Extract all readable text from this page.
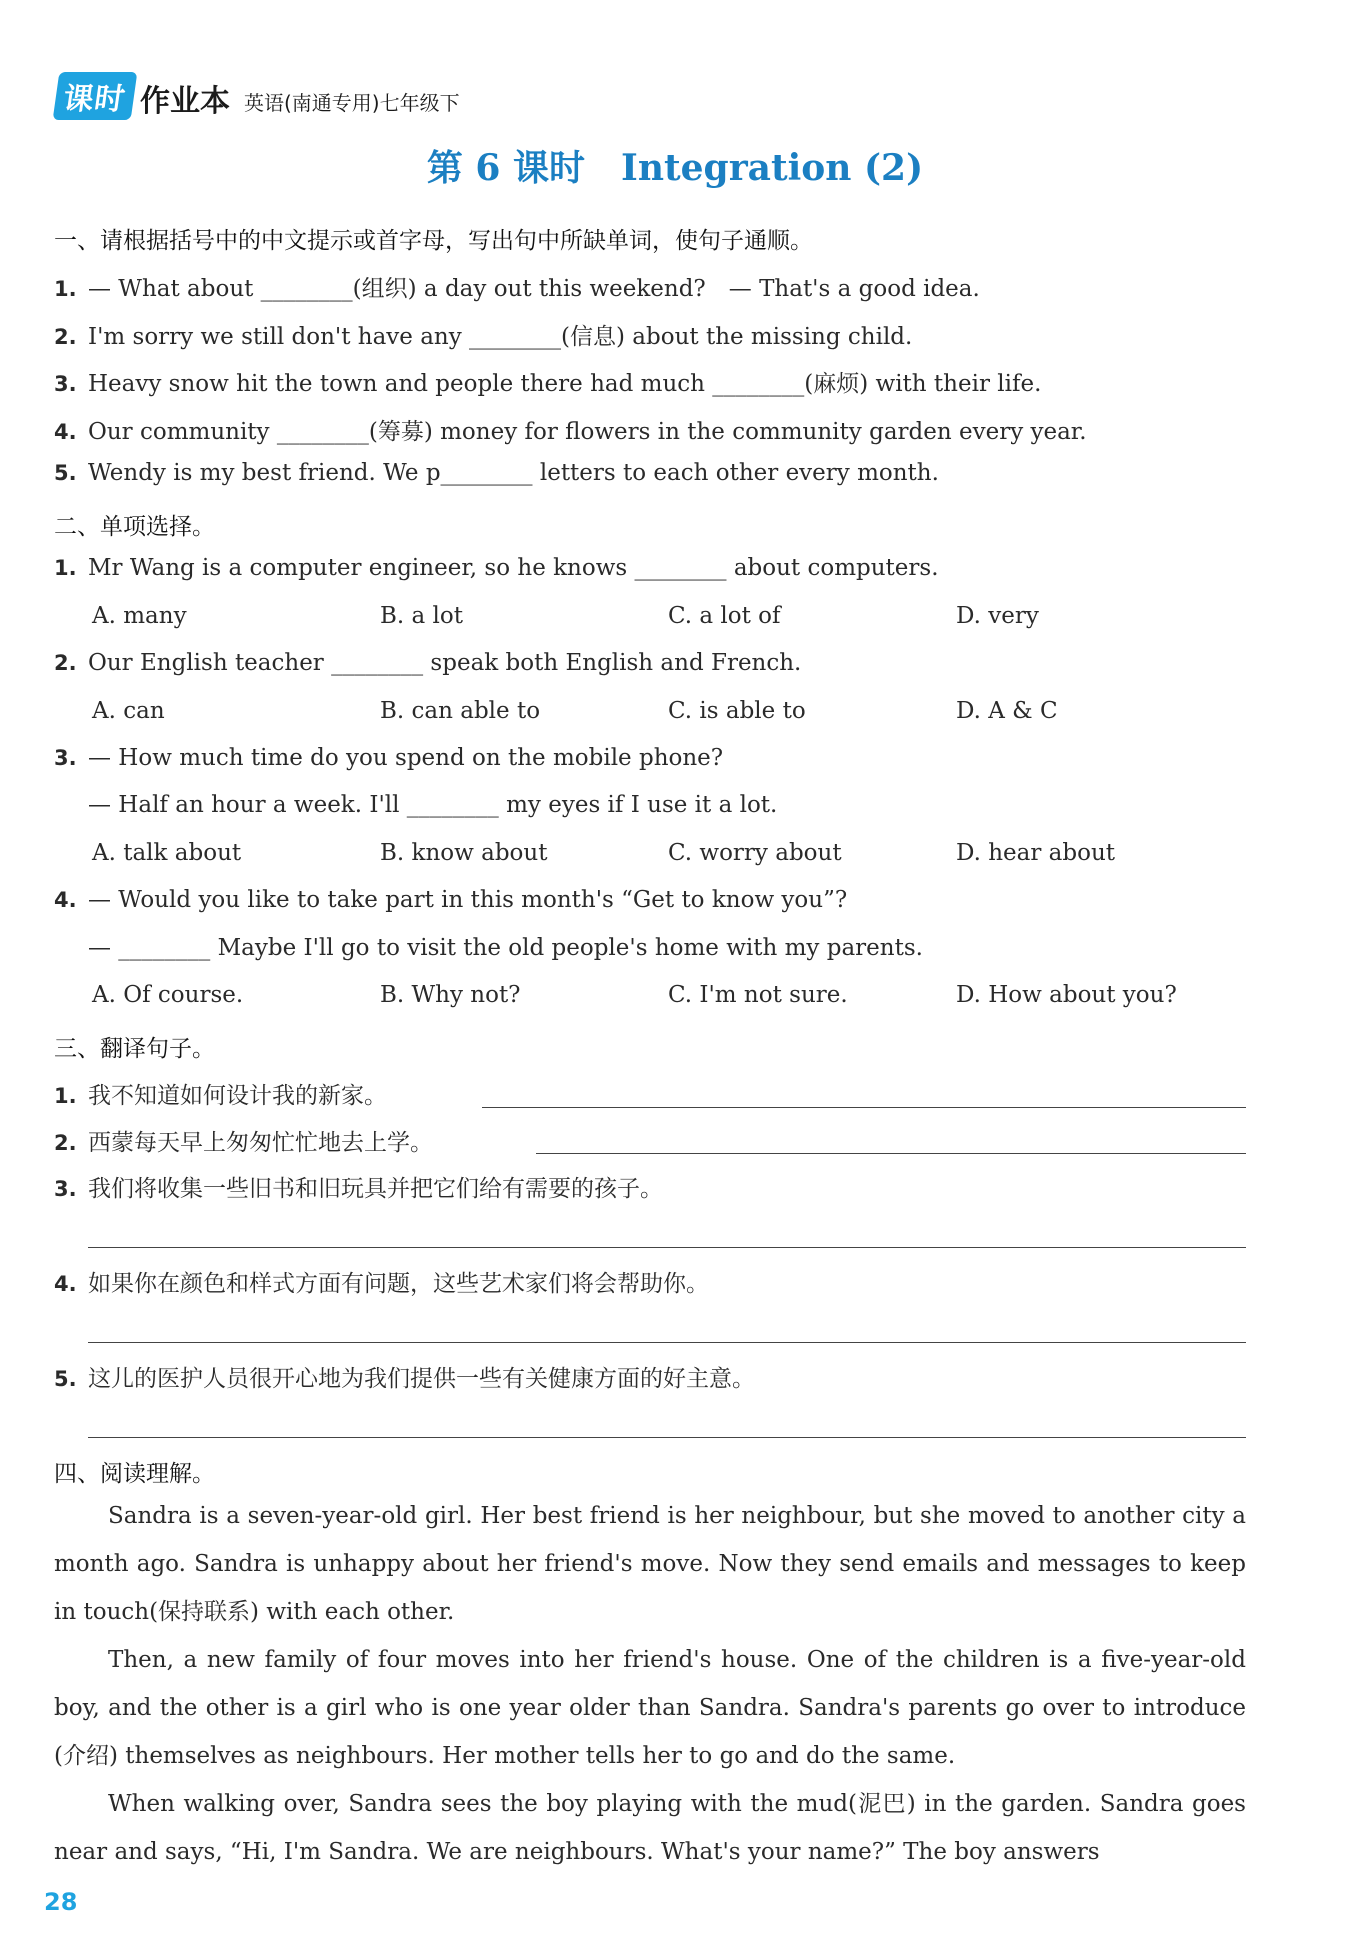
课时 作业本 英语(南通专用)七年级下
第 6 课时　Integration (2)
一、请根据括号中的中文提示或首字母，写出句中所缺单词，使句子通顺。
1. — What about ________(组织) a day out this weekend?　— That's a good idea.
2. I'm sorry we still don't have any ________(信息) about the missing child.
3. Heavy snow hit the town and people there had much ________(麻烦) with their life.
4. Our community ________(筹募) money for flowers in the community garden every year.
5. Wendy is my best friend. We p________ letters to each other every month.
二、单项选择。
1. Mr Wang is a computer engineer, so he knows ________ about computers.
A. many	B. a lot	C. a lot of	D. very
2. Our English teacher ________ speak both English and French.
A. can	B. can able to	C. is able to	D. A & C
3. — How much time do you spend on the mobile phone?
— Half an hour a week. I'll ________ my eyes if I use it a lot.
A. talk about	B. know about	C. worry about	D. hear about
4. — Would you like to take part in this month's “Get to know you”?
— ________ Maybe I'll go to visit the old people's home with my parents.
A. Of course.	B. Why not?	C. I'm not sure.	D. How about you?
三、翻译句子。
1. 我不知道如何设计我的新家。
2. 西蒙每天早上匆匆忙忙地去上学。
3. 我们将收集一些旧书和旧玩具并把它们给有需要的孩子。
4. 如果你在颜色和样式方面有问题，这些艺术家们将会帮助你。
5. 这儿的医护人员很开心地为我们提供一些有关健康方面的好主意。
四、阅读理解。
Sandra is a seven-year-old girl. Her best friend is her neighbour, but she moved to another city a month ago. Sandra is unhappy about her friend's move. Now they send emails and messages to keep in touch(保持联系) with each other.
Then, a new family of four moves into her friend's house. One of the children is a five-year-old boy, and the other is a girl who is one year older than Sandra. Sandra's parents go over to introduce (介绍) themselves as neighbours. Her mother tells her to go and do the same.
When walking over, Sandra sees the boy playing with the mud(泥巴) in the garden. Sandra goes near and says, “Hi, I'm Sandra. We are neighbours. What's your name?” The boy answers
28
